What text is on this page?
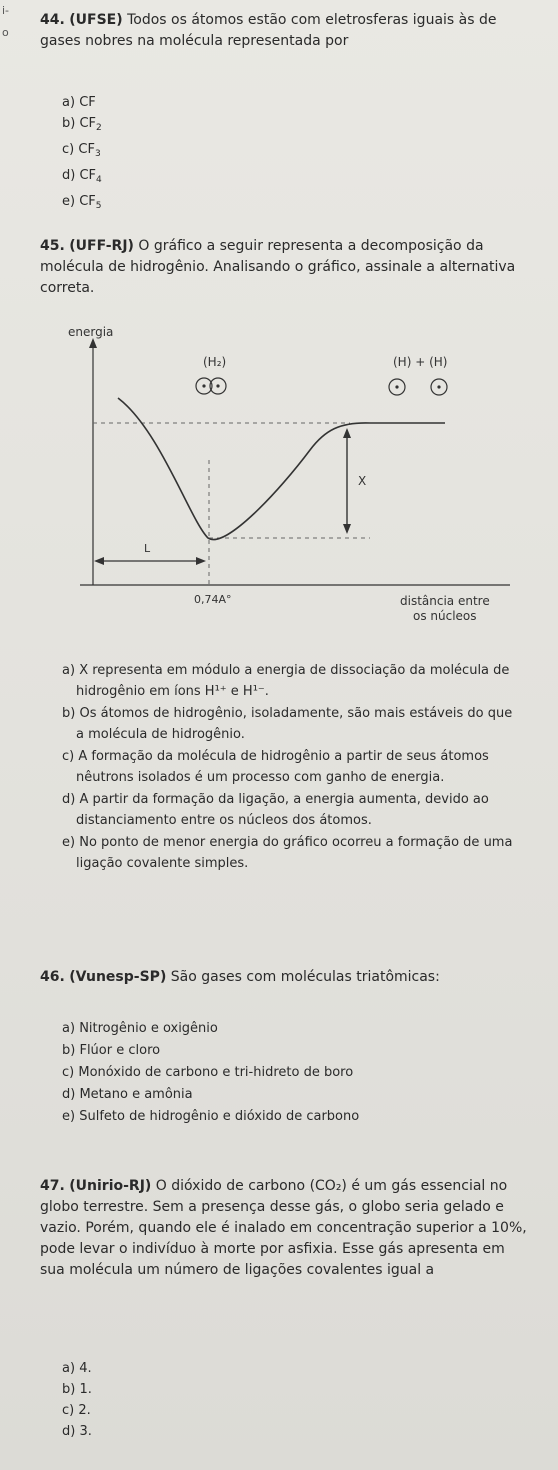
i-
o
44. (UFSE) Todos os átomos estão com eletrosferas iguais às de gases nobres na molécula representada por
a) CF
b) $CF_2$
c) $CF_3$
d) $CF_4$
e) $CF_5$
45. (UFF-RJ) O gráfico a seguir representa a decomposição da molécula de hidrogênio. Analisando o gráfico, assinale a alternativa correta.
X
L
energia
0,74A°	distância entre
os núcleos
(H₂)	(H) + (H)
a) X representa em módulo a energia de dissociação da molécula de hidrogênio em íons H¹⁺ e H¹⁻.
b) Os átomos de hidrogênio, isoladamente, são mais estáveis do que a molécula de hidrogênio.
c) A formação da molécula de hidrogênio a partir de seus átomos nêutrons isolados é um processo com ganho de energia.
d) A partir da formação da ligação, a energia aumenta, devido ao distanciamento entre os núcleos dos átomos.
e) No ponto de menor energia do gráfico ocorreu a formação de uma ligação covalente simples.
46. (Vunesp-SP) São gases com moléculas triatômicas:
a) Nitrogênio e oxigênio
b) Flúor e cloro
c) Monóxido de carbono e tri-hidreto de boro
d) Metano e amônia
e) Sulfeto de hidrogênio e dióxido de carbono
47. (Unirio-RJ) O dióxido de carbono (CO₂) é um gás essencial no globo terrestre. Sem a presença desse gás, o globo seria gelado e vazio. Porém, quando ele é inalado em concentração superior a 10%, pode levar o indivíduo à morte por asfixia. Esse gás apresenta em sua molécula um número de ligações covalentes igual a
a) 4.
b) 1.
c) 2.
d) 3.
